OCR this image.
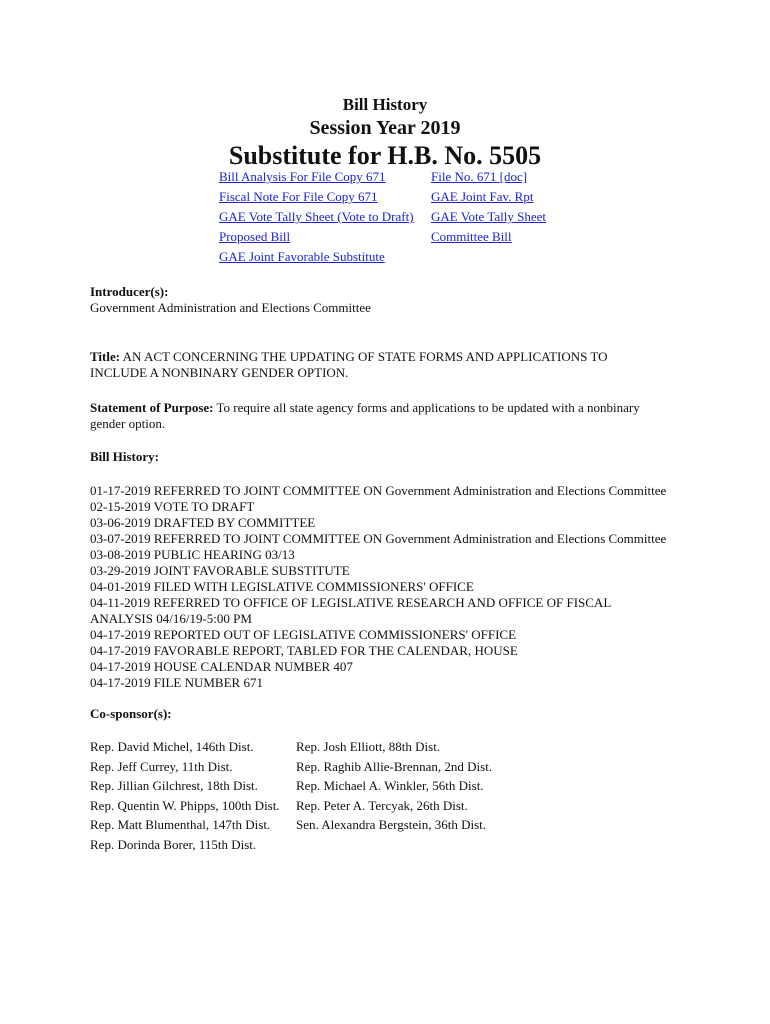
Bill History
Session Year 2019
Substitute for H.B. No. 5505
Bill Analysis For File Copy 671	File No. 671 [doc]
Fiscal Note For File Copy 671	GAE Joint Fav. Rpt
GAE Vote Tally Sheet (Vote to Draft)	GAE Vote Tally Sheet
Proposed Bill	Committee Bill
GAE Joint Favorable Substitute
Introducer(s):
Government Administration and Elections Committee
Title: AN ACT CONCERNING THE UPDATING OF STATE FORMS AND APPLICATIONS TO INCLUDE A NONBINARY GENDER OPTION.
Statement of Purpose: To require all state agency forms and applications to be updated with a nonbinary gender option.
Bill History:
01-17-2019 REFERRED TO JOINT COMMITTEE ON Government Administration and Elections Committee
02-15-2019 VOTE TO DRAFT
03-06-2019 DRAFTED BY COMMITTEE
03-07-2019 REFERRED TO JOINT COMMITTEE ON Government Administration and Elections Committee
03-08-2019 PUBLIC HEARING 03/13
03-29-2019 JOINT FAVORABLE SUBSTITUTE
04-01-2019 FILED WITH LEGISLATIVE COMMISSIONERS' OFFICE
04-11-2019 REFERRED TO OFFICE OF LEGISLATIVE RESEARCH AND OFFICE OF FISCAL
ANALYSIS 04/16/19-5:00 PM
04-17-2019 REPORTED OUT OF LEGISLATIVE COMMISSIONERS' OFFICE
04-17-2019 FAVORABLE REPORT, TABLED FOR THE CALENDAR, HOUSE
04-17-2019 HOUSE CALENDAR NUMBER 407
04-17-2019 FILE NUMBER 671
Co-sponsor(s):
Rep. David Michel, 146th Dist.	Rep. Josh Elliott, 88th Dist.
Rep. Jeff Currey, 11th Dist.	Rep. Raghib Allie-Brennan, 2nd Dist.
Rep. Jillian Gilchrest, 18th Dist.	Rep. Michael A. Winkler, 56th Dist.
Rep. Quentin W. Phipps, 100th Dist.	Rep. Peter A. Tercyak, 26th Dist.
Rep. Matt Blumenthal, 147th Dist.	Sen. Alexandra Bergstein, 36th Dist.
Rep. Dorinda Borer, 115th Dist.
